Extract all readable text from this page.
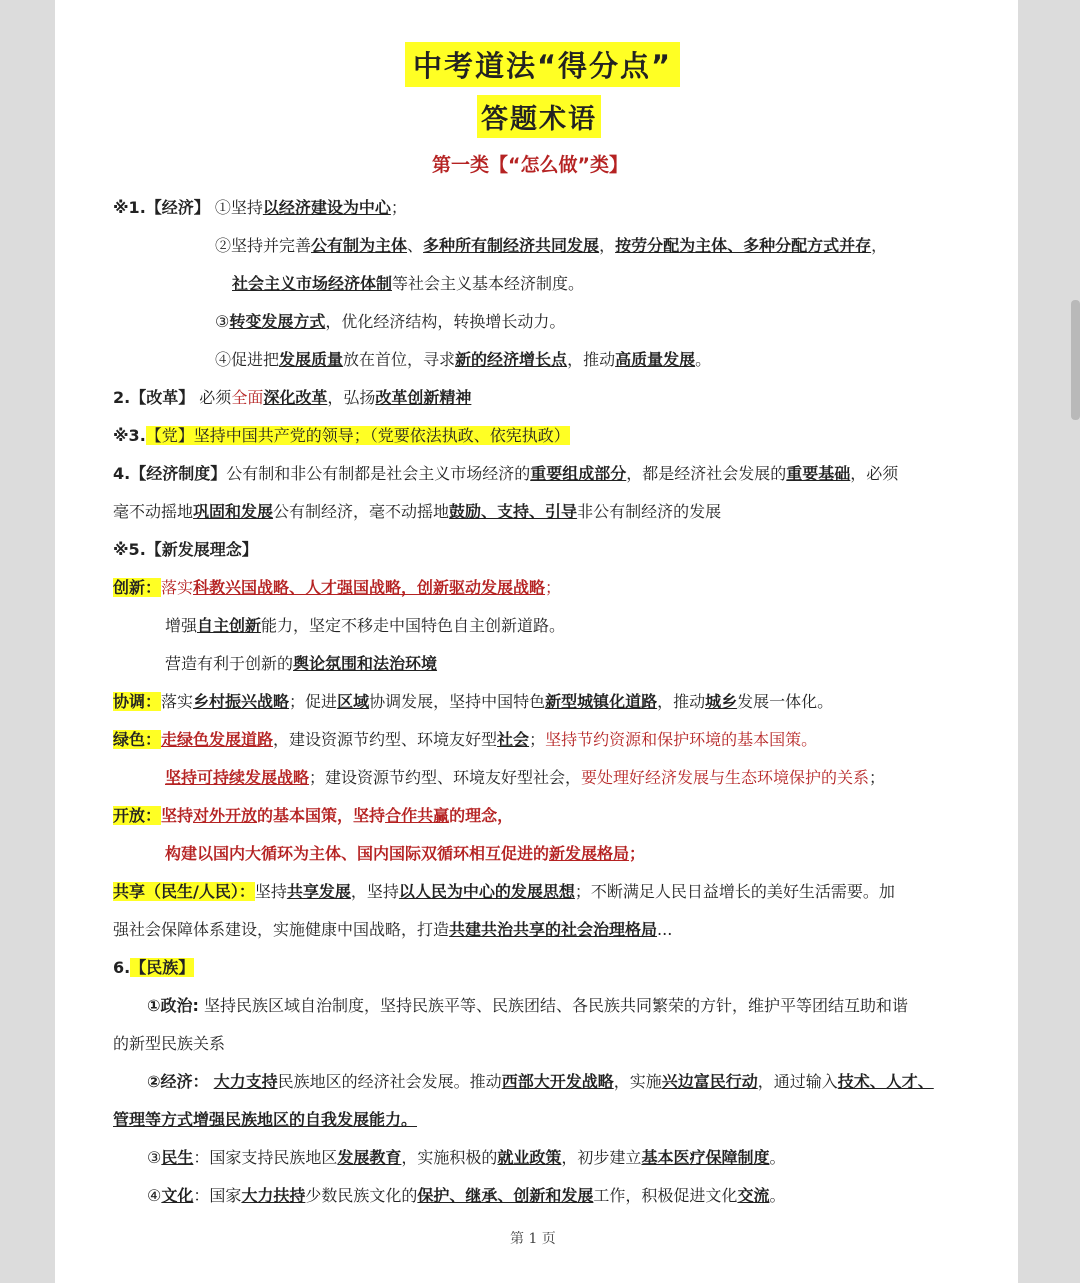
中考道法“得分点”
答题术语
第一类【“怎么做”类】
※1.【经济】 ①坚持以经济建设为中心；
②坚持并完善公有制为主体、多种所有制经济共同发展，按劳分配为主体、多种分配方式并存，
社会主义市场经济体制等社会主义基本经济制度。
③转变发展方式，优化经济结构，转换增长动力。
④促进把发展质量放在首位，寻求新的经济增长点，推动高质量发展。
2.【改革】 必须全面深化改革，弘扬改革创新精神
※3.【党】坚持中国共产党的领导；（党要依法执政、依宪执政）
4.【经济制度】公有制和非公有制都是社会主义市场经济的重要组成部分，都是经济社会发展的重要基础，必须
毫不动摇地巩固和发展公有制经济，毫不动摇地鼓励、支持、引导非公有制经济的发展
※5.【新发展理念】
创新：落实科教兴国战略、人才强国战略，创新驱动发展战略；
增强自主创新能力，坚定不移走中国特色自主创新道路。
营造有利于创新的舆论氛围和法治环境
协调：落实乡村振兴战略；促进区域协调发展，坚持中国特色新型城镇化道路，推动城乡发展一体化。
绿色：走绿色发展道路，建设资源节约型、环境友好型社会；坚持节约资源和保护环境的基本国策。
坚持可持续发展战略；建设资源节约型、环境友好型社会，要处理好经济发展与生态环境保护的关系；
开放：坚持对外开放的基本国策，坚持合作共赢的理念，
构建以国内大循环为主体、国内国际双循环相互促进的新发展格局；
共享（民生/人民）：坚持共享发展，坚持以人民为中心的发展思想；不断满足人民日益增长的美好生活需要。加
强社会保障体系建设，实施健康中国战略，打造共建共治共享的社会治理格局...
6.【民族】
①政治: 坚持民族区域自治制度，坚持民族平等、民族团结、各民族共同繁荣的方针，维护平等团结互助和谐
的新型民族关系
②经济： 大力支持民族地区的经济社会发展。推动西部大开发战略，实施兴边富民行动，通过输入技术、人才、
管理等方式增强民族地区的自我发展能力。
③民生：国家支持民族地区发展教育，实施积极的就业政策，初步建立基本医疗保障制度。
④文化：国家大力扶持少数民族文化的保护、继承、创新和发展工作，积极促进文化交流。
第 1 页
